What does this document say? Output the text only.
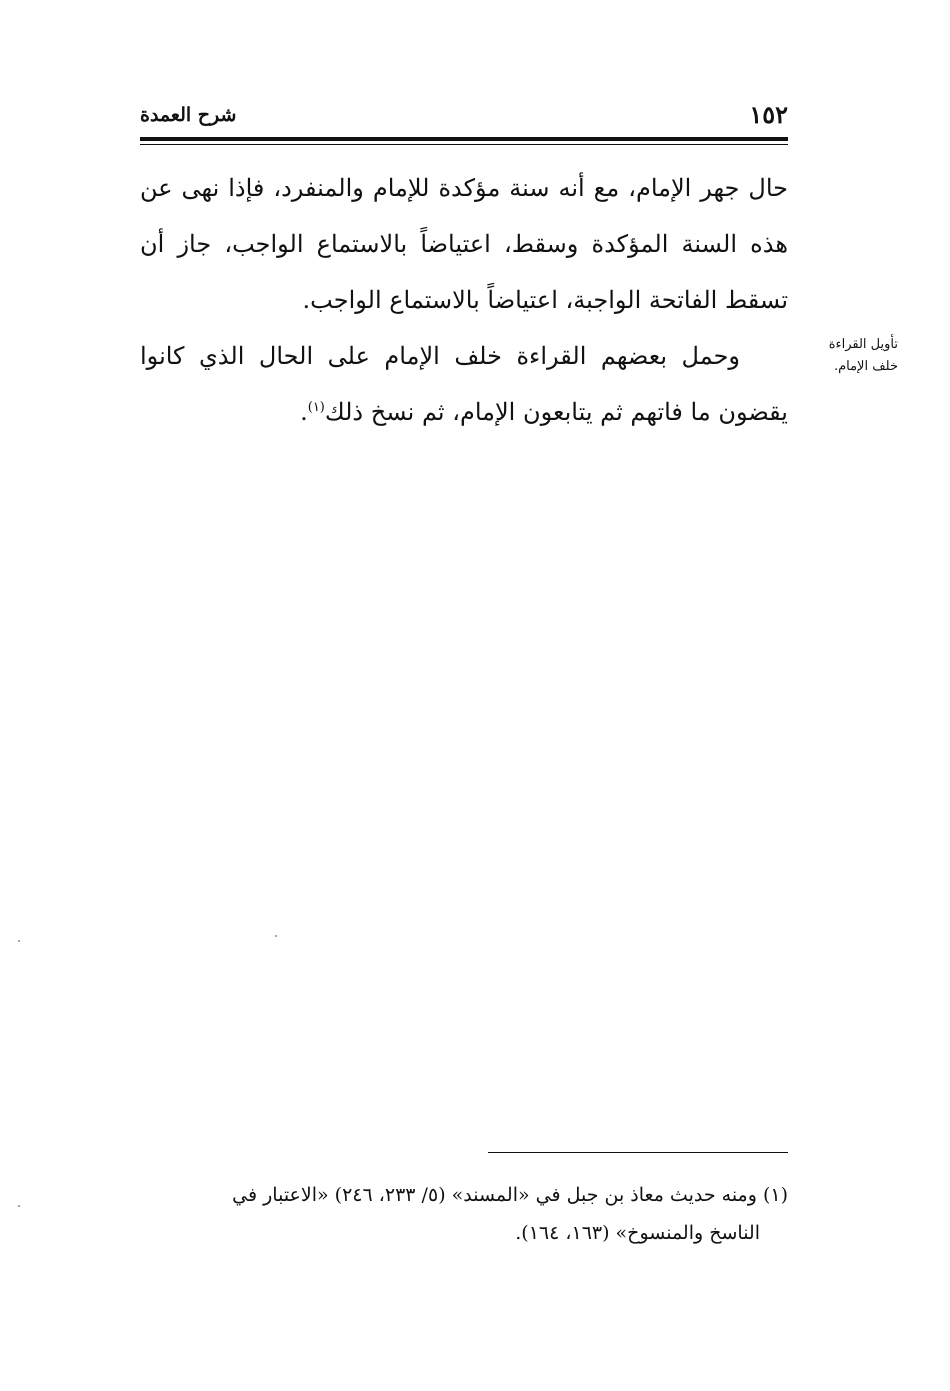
١٥٢
شرح العمدة

حال جهر الإمام، مع أنه سنة مؤكدة للإمام والمنفرد، فإذا نهى عن هذه السنة المؤكدة وسقط، اعتياضاً بالاستماع الواجب، جاز أن تسقط الفاتحة الواجبة، اعتياضاً بالاستماع الواجب.

وحمل بعضهم القراءة خلف الإمام على الحال الذي كانوا يقضون ما فاتهم ثم يتابعون الإمام، ثم نسخ ذلك$^{(١)}$.

تأويل القراءة
خلف الإمام.

(١) ومنه حديث معاذ بن جبل في «المسند» (٥/ ٢٣٣، ٢٤٦) «الاعتبار في

الناسخ والمنسوخ» (١٦٣، ١٦٤).
